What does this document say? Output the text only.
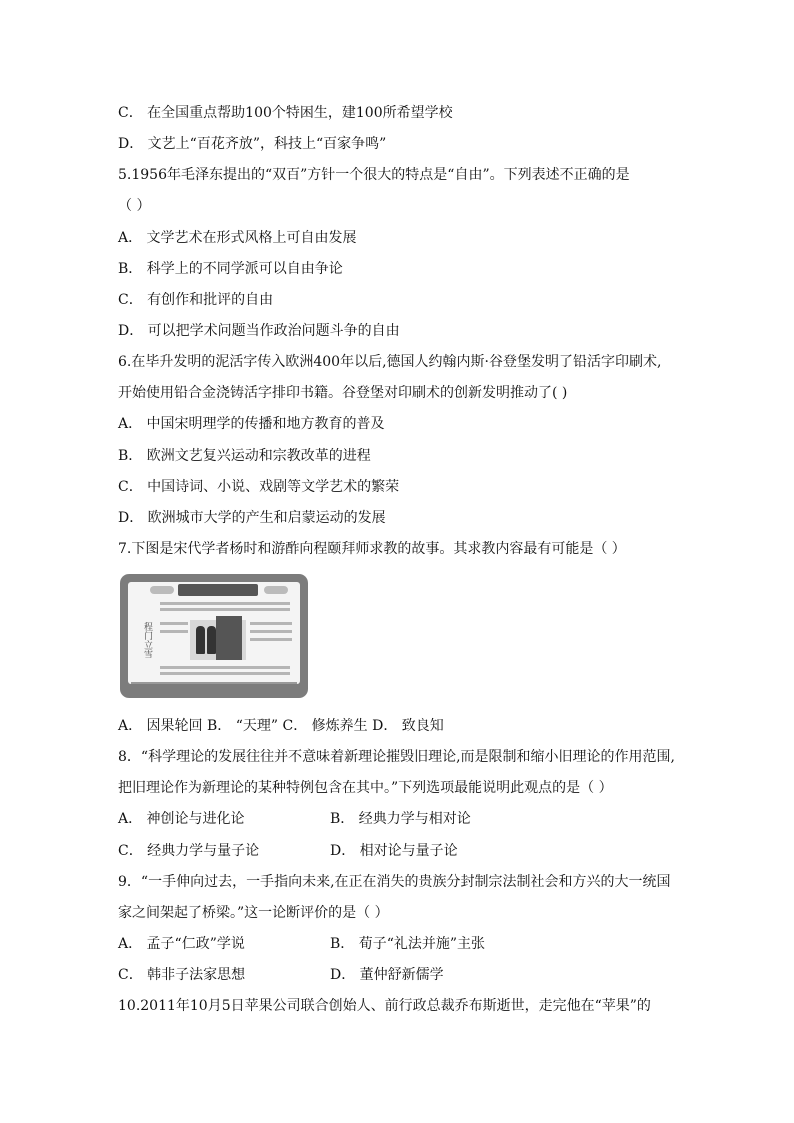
C． 在全国重点帮助100个特困生，建100所希望学校
D． 文艺上“百花齐放”，科技上“百家争鸣”
5.1956年毛泽东提出的“双百”方针一个很大的特点是“自由”。下列表述不正确的是
（ ）
A． 文学艺术在形式风格上可自由发展
B． 科学上的不同学派可以自由争论
C． 有创作和批评的自由
D． 可以把学术问题当作政治问题斗争的自由
6.在毕升发明的泥活字传入欧洲400年以后,德国人约翰内斯·谷登堡发明了铅活字印刷术,
开始使用铅合金浇铸活字排印书籍。谷登堡对印刷术的创新发明推动了( )
A． 中国宋明理学的传播和地方教育的普及
B． 欧洲文艺复兴运动和宗教改革的进程
C． 中国诗词、小说、戏剧等文学艺术的繁荣
D． 欧洲城市大学的产生和启蒙运动的发展
7.下图是宋代学者杨时和游酢向程颐拜师求教的故事。其求教内容最有可能是（ ）
程门立雪
A． 因果轮回 B． “天理” C． 修炼养生 D． 致良知
8．“科学理论的发展往往并不意味着新理论摧毁旧理论,而是限制和缩小旧理论的作用范围,
把旧理论作为新理论的某种特例包含在其中。”下列选项最能说明此观点的是（ ）
A． 神创论与进化论	B． 经典力学与相对论
C． 经典力学与量子论	D． 相对论与量子论
9．“一手伸向过去，一手指向未来,在正在消失的贵族分封制宗法制社会和方兴的大一统国
家之间架起了桥梁。”这一论断评价的是（ ）
A． 孟子“仁政”学说	B． 荀子“礼法并施”主张
C． 韩非子法家思想	D． 董仲舒新儒学
10.2011年10月5日苹果公司联合创始人、前行政总裁乔布斯逝世，走完他在“苹果”的
